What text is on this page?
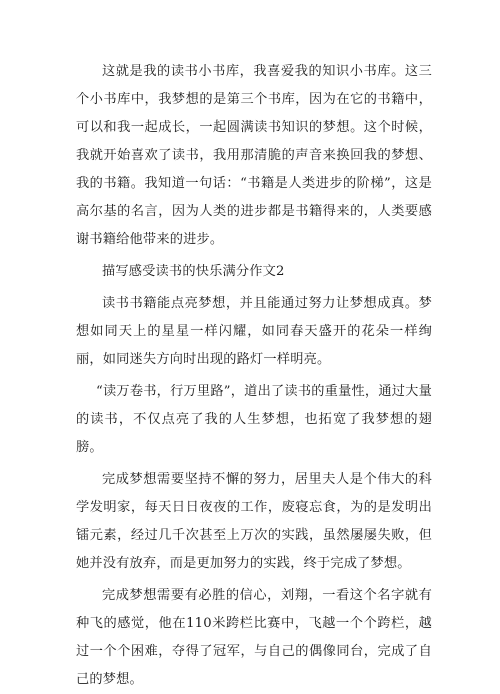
这就是我的读书小书库，我喜爱我的知识小书库。这三个小书库中，我梦想的是第三个书库，因为在它的书籍中，可以和我一起成长，一起圆满读书知识的梦想。这个时候，我就开始喜欢了读书，我用那清脆的声音来换回我的梦想、我的书籍。我知道一句话：“书籍是人类进步的阶梯”，这是高尔基的名言，因为人类的进步都是书籍得来的，人类要感谢书籍给他带来的进步。

描写感受读书的快乐满分作文2

读书书籍能点亮梦想，并且能通过努力让梦想成真。梦想如同天上的星星一样闪耀，如同春天盛开的花朵一样绚丽，如同迷失方向时出现的路灯一样明亮。

“读万卷书，行万里路”，道出了读书的重量性，通过大量的读书，不仅点亮了我的人生梦想，也拓宽了我梦想的翅膀。

完成梦想需要坚持不懈的努力，居里夫人是个伟大的科学发明家，每天日日夜夜的工作，废寝忘食，为的是发明出镭元素，经过几千次甚至上万次的实践，虽然屡屡失败，但她并没有放弃，而是更加努力的实践，终于完成了梦想。

完成梦想需要有必胜的信心，刘翔，一看这个名字就有种飞的感觉，他在110米跨栏比赛中，飞越一个个跨栏，越过一个个困难，夺得了冠军，与自己的偶像同台，完成了自己的梦想。
